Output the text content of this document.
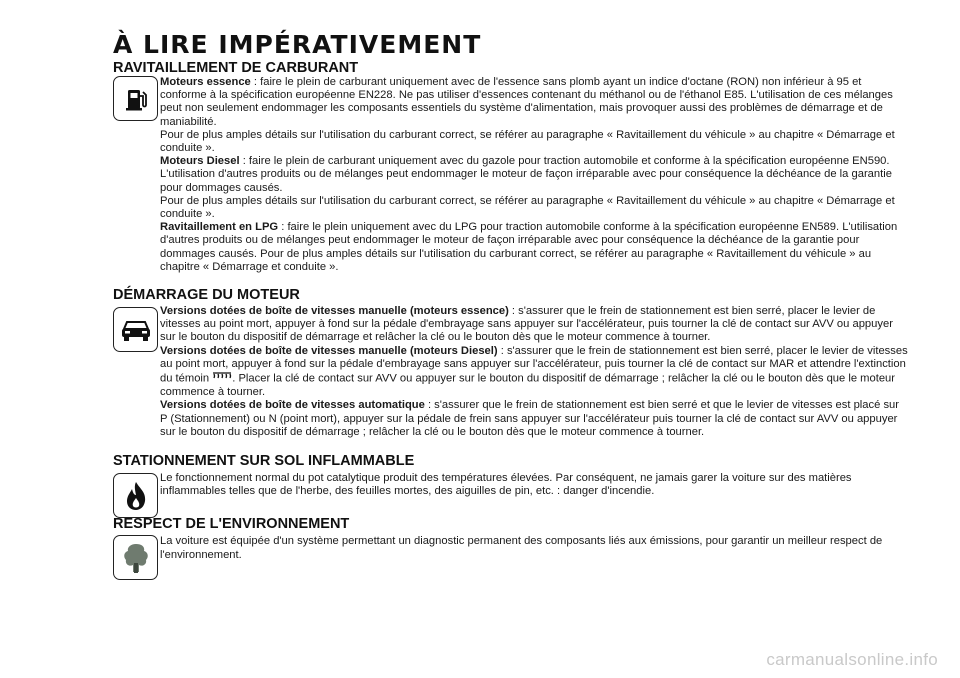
À LIRE IMPÉRATIVEMENT
RAVITAILLEMENT DE CARBURANT

Moteurs essence : faire le plein de carburant uniquement avec de l'essence sans plomb ayant un indice d'octane (RON) non inférieur à 95 et conforme à la spécification européenne EN228. Ne pas utiliser d'essences contenant du méthanol ou de l'éthanol E85. L'utilisation de ces mélanges peut non seulement endommager les composants essentiels du système d'alimentation, mais provoquer aussi des problèmes de démarrage et de maniabilité.

Pour de plus amples détails sur l'utilisation du carburant correct, se référer au paragraphe « Ravitaillement du véhicule » au chapitre « Démarrage et conduite ».

Moteurs Diesel : faire le plein de carburant uniquement avec du gazole pour traction automobile et conforme à la spécification européenne EN590. L'utilisation d'autres produits ou de mélanges peut endommager le moteur de façon irréparable avec pour conséquence la déchéance de la garantie pour dommages causés.

Pour de plus amples détails sur l'utilisation du carburant correct, se référer au paragraphe « Ravitaillement du véhicule » au chapitre « Démarrage et conduite ».

Ravitaillement en LPG : faire le plein uniquement avec du LPG pour traction automobile conforme à la spécification européenne EN589. L'utilisation d'autres produits ou de mélanges peut endommager le moteur de façon irréparable avec pour conséquence la déchéance de la garantie pour dommages causés. Pour de plus amples détails sur l'utilisation du carburant correct, se référer au paragraphe « Ravitaillement du véhicule » au chapitre « Démarrage et conduite ».

DÉMARRAGE DU MOTEUR

Versions dotées de boîte de vitesses manuelle (moteurs essence) : s'assurer que le frein de stationnement est bien serré, placer le levier de vitesses au point mort, appuyer à fond sur la pédale d'embrayage sans appuyer sur l'accélérateur, puis tourner la clé de contact sur AVV ou appuyer sur le bouton du dispositif de démarrage et relâcher la clé ou le bouton dès que le moteur commence à tourner.

Versions dotées de boîte de vitesses manuelle (moteurs Diesel) : s'assurer que le frein de stationnement est bien serré, placer le levier de vitesses au point mort, appuyer à fond sur la pédale d'embrayage sans appuyer sur l'accélérateur, puis tourner la clé de contact sur MAR et attendre l'extinction du témoin . Placer la clé de contact sur AVV ou appuyer sur le bouton du dispositif de démarrage ; relâcher la clé ou le bouton dès que le moteur commence à tourner.

Versions dotées de boîte de vitesses automatique : s'assurer que le frein de stationnement est bien serré et que le levier de vitesses est placé sur P (Stationnement) ou N (point mort), appuyer sur la pédale de frein sans appuyer sur l'accélérateur puis tourner la clé de contact sur AVV ou appuyer sur le bouton du dispositif de démarrage ; relâcher la clé ou le bouton dès que le moteur commence à tourner.

STATIONNEMENT SUR SOL INFLAMMABLE

Le fonctionnement normal du pot catalytique produit des températures élevées. Par conséquent, ne jamais garer la voiture sur des matières inflammables telles que de l'herbe, des feuilles mortes, des aiguilles de pin, etc. : danger d'incendie.

RESPECT DE L'ENVIRONNEMENT

La voiture est équipée d'un système permettant un diagnostic permanent des composants liés aux émissions, pour garantir un meilleur respect de l'environnement.

carmanualsonline.info
